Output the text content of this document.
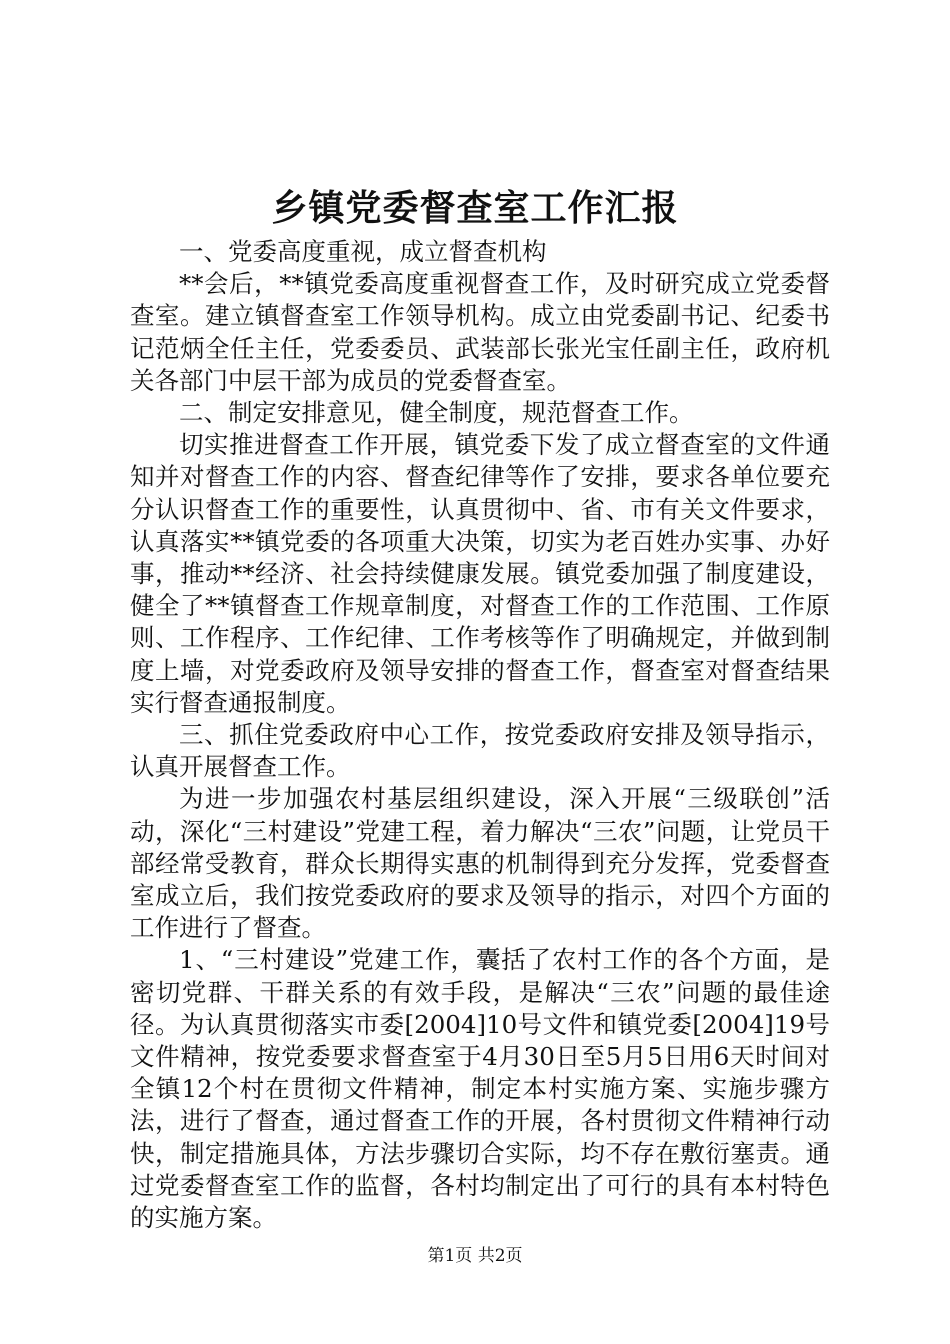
乡镇党委督查室工作汇报

一、党委高度重视，成立督查机构

**会后，**镇党委高度重视督查工作，及时研究成立党委督查室。建立镇督查室工作领导机构。成立由党委副书记、纪委书记范炳全任主任，党委委员、武装部长张光宝任副主任，政府机关各部门中层干部为成员的党委督查室。

二、制定安排意见，健全制度，规范督查工作。

切实推进督查工作开展，镇党委下发了成立督查室的文件通知并对督查工作的内容、督查纪律等作了安排，要求各单位要充分认识督查工作的重要性，认真贯彻中、省、市有关文件要求，认真落实**镇党委的各项重大决策，切实为老百姓办实事、办好事，推动**经济、社会持续健康发展。镇党委加强了制度建设，健全了**镇督查工作规章制度，对督查工作的工作范围、工作原则、工作程序、工作纪律、工作考核等作了明确规定，并做到制度上墙，对党委政府及领导安排的督查工作，督查室对督查结果实行督查通报制度。

三、抓住党委政府中心工作，按党委政府安排及领导指示，认真开展督查工作。

为进一步加强农村基层组织建设，深入开展“三级联创”活动，深化“三村建设”党建工程，着力解决“三农”问题，让党员干部经常受教育，群众长期得实惠的机制得到充分发挥，党委督查室成立后，我们按党委政府的要求及领导的指示，对四个方面的工作进行了督查。

1、“三村建设”党建工作，囊括了农村工作的各个方面，是密切党群、干群关系的有效手段，是解决“三农”问题的最佳途径。为认真贯彻落实市委[2004]10号文件和镇党委[2004]19号文件精神，按党委要求督查室于4月30日至5月5日用6天时间对全镇12个村在贯彻文件精神，制定本村实施方案、实施步骤方法，进行了督查，通过督查工作的开展，各村贯彻文件精神行动快，制定措施具体，方法步骤切合实际，均不存在敷衍塞责。通过党委督查室工作的监督，各村均制定出了可行的具有本村特色的实施方案。

第1页 共2页
